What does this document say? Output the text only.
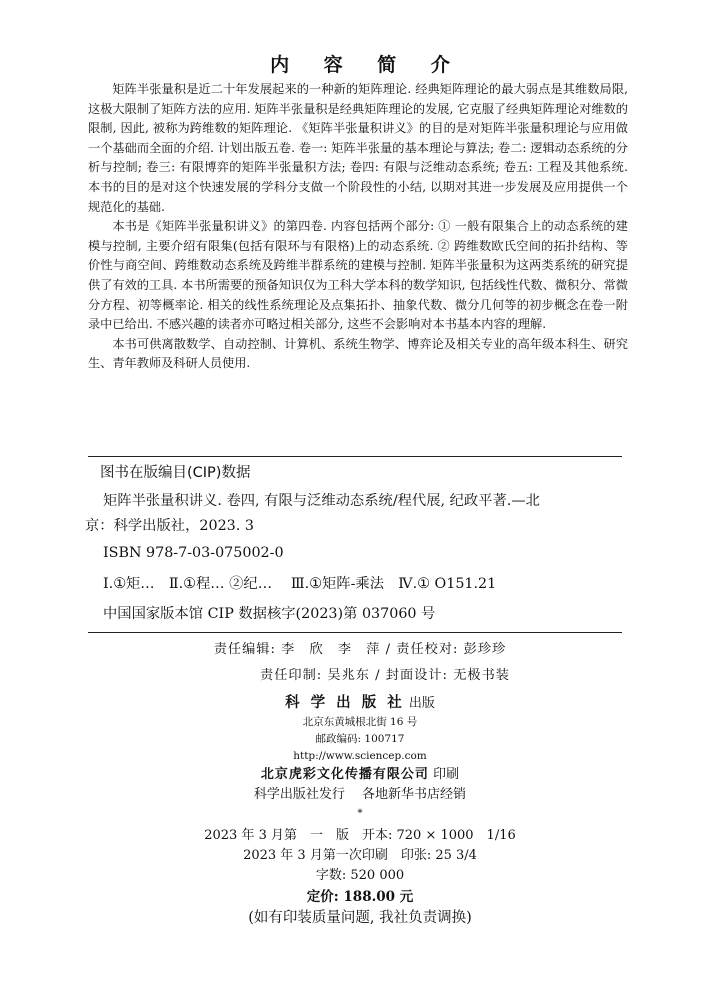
内 容 简 介

矩阵半张量积是近二十年发展起来的一种新的矩阵理论. 经典矩阵理论的最大弱点是其维数局限, 这极大限制了矩阵方法的应用. 矩阵半张量积是经典矩阵理论的发展, 它克服了经典矩阵理论对维数的限制, 因此, 被称为跨维数的矩阵理论. 《矩阵半张量积讲义》的目的是对矩阵半张量积理论与应用做一个基础而全面的介绍. 计划出版五卷. 卷一: 矩阵半张量的基本理论与算法; 卷二: 逻辑动态系统的分析与控制; 卷三: 有限博弈的矩阵半张量积方法; 卷四: 有限与泛维动态系统; 卷五: 工程及其他系统. 本书的目的是对这个快速发展的学科分支做一个阶段性的小结, 以期对其进一步发展及应用提供一个规范化的基础.

本书是《矩阵半张量积讲义》的第四卷. 内容包括两个部分: ① 一般有限集合上的动态系统的建模与控制, 主要介绍有限集(包括有限环与有限格)上的动态系统. ② 跨维数欧氏空间的拓扑结构、等价性与商空间、跨维数动态系统及跨维半群系统的建模与控制. 矩阵半张量积为这两类系统的研究提供了有效的工具. 本书所需要的预备知识仅为工科大学本科的数学知识, 包括线性代数、微积分、常微分方程、初等概率论. 相关的线性系统理论及点集拓扑、抽象代数、微分几何等的初步概念在卷一附录中已给出. 不感兴趣的读者亦可略过相关部分, 这些不会影响对本书基本内容的理解.

本书可供离散数学、自动控制、计算机、系统生物学、博弈论及相关专业的高年级本科生、研究生、青年教师及科研人员使用.

图书在版编目(CIP)数据
矩阵半张量积讲义. 卷四, 有限与泛维动态系统/程代展, 纪政平著.—北
京：科学出版社，2023. 3
ISBN 978-7-03-075002-0
Ⅰ.①矩…　Ⅱ.①程… ②纪…　 Ⅲ.①矩阵-乘法　Ⅳ.① O151.21
中国国家版本馆 CIP 数据核字(2023)第 037060 号
责任编辑: 李　欣　李　萍 / 责任校对: 彭珍珍
责任印制: 吴兆东 / 封面设计: 无极书装
科 学 出 版 社 出版
北京东黄城根北街 16 号
邮政编码: 100717
http://www.sciencep.com
北京虎彩文化传播有限公司 印刷
科学出版社发行　 各地新华书店经销
*
2023 年 3 月第　一　版　开本: 720 × 1000　1/16
2023 年 3 月第一次印刷　印张: 25 3/4
字数: 520 000
定价: 188.00 元
(如有印装质量问题, 我社负责调换)
